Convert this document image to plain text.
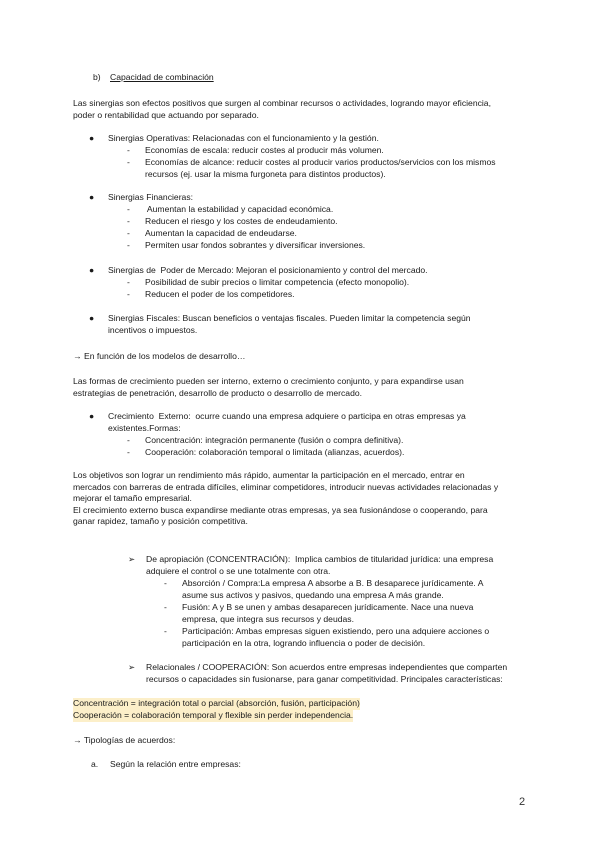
b) Capacidad de combinación
Las sinergias son efectos positivos que surgen al combinar recursos o actividades, logrando mayor eficiencia,
poder o rentabilidad que actuando por separado.
● Sinergias Operativas: Relacionadas con el funcionamiento y la gestión.
- Economías de escala: reducir costes al producir más volumen.
- Economías de alcance: reducir costes al producir varios productos/servicios con los mismos
recursos (ej. usar la misma furgoneta para distintos productos).
● Sinergias Financieras:
- Aumentan la estabilidad y capacidad económica.
- Reducen el riesgo y los costes de endeudamiento.
- Aumentan la capacidad de endeudarse.
- Permiten usar fondos sobrantes y diversificar inversiones.
● Sinergias de  Poder de Mercado: Mejoran el posicionamiento y control del mercado.
- Posibilidad de subir precios o limitar competencia (efecto monopolio).
- Reducen el poder de los competidores.
● Sinergias Fiscales: Buscan beneficios o ventajas fiscales. Pueden limitar la competencia según
incentivos o impuestos.
→ En función de los modelos de desarrollo…
Las formas de crecimiento pueden ser interno, externo o crecimiento conjunto, y para expandirse usan
estrategias de penetración, desarrollo de producto o desarrollo de mercado.
● Crecimiento  Externo:  ocurre cuando una empresa adquiere o participa en otras empresas ya
existentes.Formas:
- Concentración: integración permanente (fusión o compra definitiva).
- Cooperación: colaboración temporal o limitada (alianzas, acuerdos).
Los objetivos son lograr un rendimiento más rápido, aumentar la participación en el mercado, entrar en
mercados con barreras de entrada difíciles, eliminar competidores, introducir nuevas actividades relacionadas y
mejorar el tamaño empresarial.
El crecimiento externo busca expandirse mediante otras empresas, ya sea fusionándose o cooperando, para
ganar rapidez, tamaño y posición competitiva.
➢ De apropiación (CONCENTRACIÓN):  Implica cambios de titularidad jurídica: una empresa
adquiere el control o se une totalmente con otra.
- Absorción / Compra:La empresa A absorbe a B. B desaparece jurídicamente. A
asume sus activos y pasivos, quedando una empresa A más grande.
- Fusión: A y B se unen y ambas desaparecen jurídicamente. Nace una nueva
empresa, que integra sus recursos y deudas.
- Participación: Ambas empresas siguen existiendo, pero una adquiere acciones o
participación en la otra, logrando influencia o poder de decisión.
➢ Relacionales / COOPERACIÓN: Son acuerdos entre empresas independientes que comparten
recursos o capacidades sin fusionarse, para ganar competitividad. Principales características:
Concentración = integración total o parcial (absorción, fusión, participación)
Cooperación = colaboración temporal y flexible sin perder independencia.
→ Tipologías de acuerdos:
a. Según la relación entre empresas:
2
